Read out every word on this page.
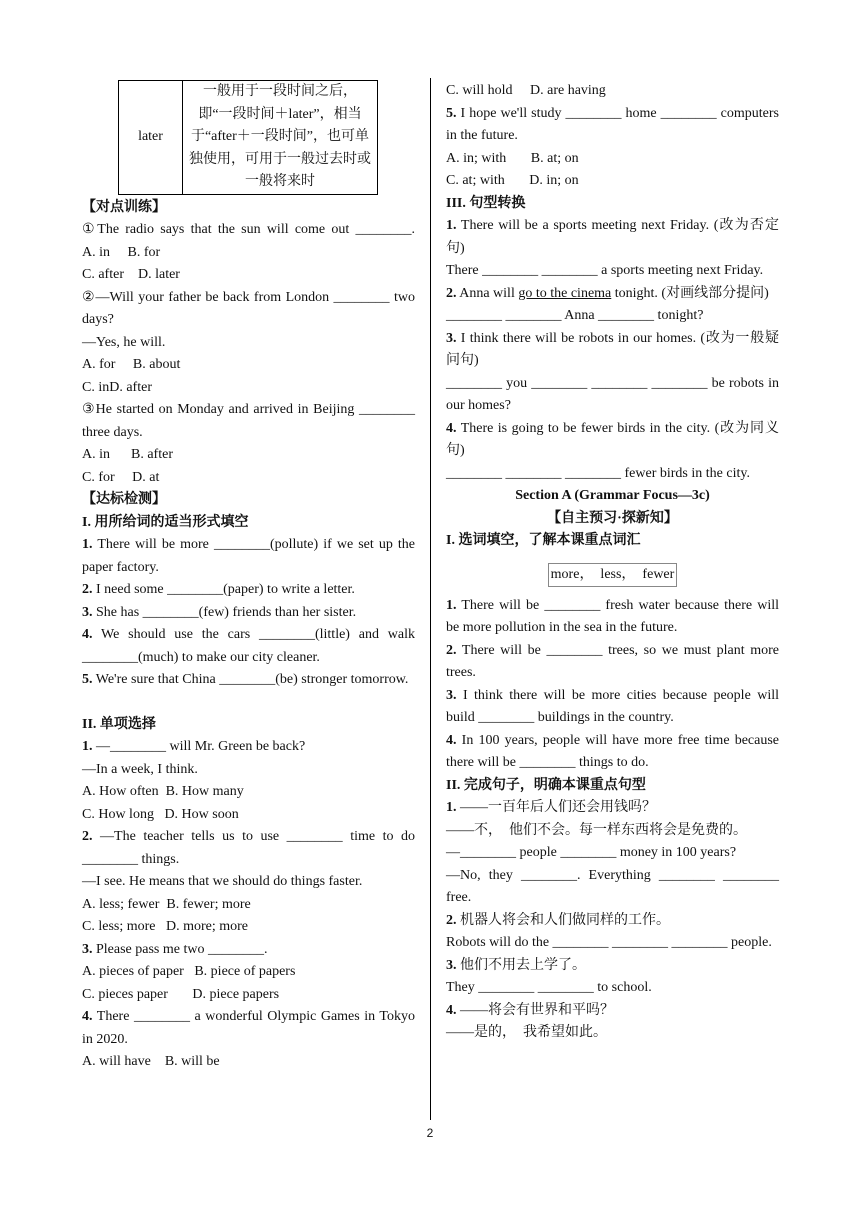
later	一般用于一段时间之后，即“一段时间＋later”，相当于“after＋一段时间”，也可单独使用，可用于一般过去时或一般将来时

【对点训练】

①The radio says that the sun will come out ________.

A. in     B. for

C. after    D. later

②—Will your father be back from London ________ two days?

—Yes, he will.

A. for     B. about

C. inD. after

③He started on Monday and arrived in Beijing ________ three days.

A. in      B. after

C. for     D. at

【达标检测】

I. 用所给词的适当形式填空

1. There will be more ________(pollute) if we set up the paper factory.

2. I need some ________(paper) to write a letter.

3. She has ________(few) friends than her sister.

4. We should use the cars ________(little) and walk ________(much) to make our city cleaner.

5. We're sure that China ________(be) stronger tomorrow.

II. 单项选择

1. —________ will Mr. Green be back?

—In a week, I think.

A. How often  B. How many

C. How long   D. How soon

2. —The teacher tells us to use ________ time to do ________ things.

—I see. He means that we should do things faster.

A. less; fewer  B. fewer; more

C. less; more   D. more; more

3. Please pass me two ________.

A. pieces of paper   B. piece of papers

C. pieces paper       D. piece papers

4. There ________ a wonderful Olympic Games in Tokyo in 2020.

A. will have    B. will be

C. will hold     D. are having

5. I hope we'll study ________ home ________ computers in the future.

A. in; with       B. at; on

C. at; with       D. in; on

III. 句型转换

1. There will be a sports meeting next Friday. (改为否定句)

There ________ ________ a sports meeting next Friday.

2. Anna will go to the cinema tonight. (对画线部分提问)

________ ________ Anna ________ tonight?

3. I think there will be robots in our homes. (改为一般疑问句)

________ you ________ ________ ________ be robots in our homes?

4. There is going to be fewer birds in the city. (改为同义句)

________ ________ ________ fewer birds in the city.

Section A (Grammar Focus—3c)

【自主预习·探新知】

I. 选词填空，了解本课重点词汇

more，  less，  fewer

1. There will be ________ fresh water because there will be more pollution in the sea in the future.

2. There will be ________ trees, so we must plant more trees.

3. I think there will be more cities because people will build ________ buildings in the country.

4. In 100 years, people will have more free time because there will be ________ things to do.

II. 完成句子，明确本课重点句型

1. ——一百年后人们还会用钱吗？

——不，  他们不会。每一样东西将会是免费的。

—________ people ________ money in 100 years?

—No, they ________. Everything ________ ________ free.

2. 机器人将会和人们做同样的工作。

Robots will do the ________ ________ ________ people.

3. 他们不用去上学了。

They ________ ________ to school.

4. ——将会有世界和平吗？

——是的，  我希望如此。

2
